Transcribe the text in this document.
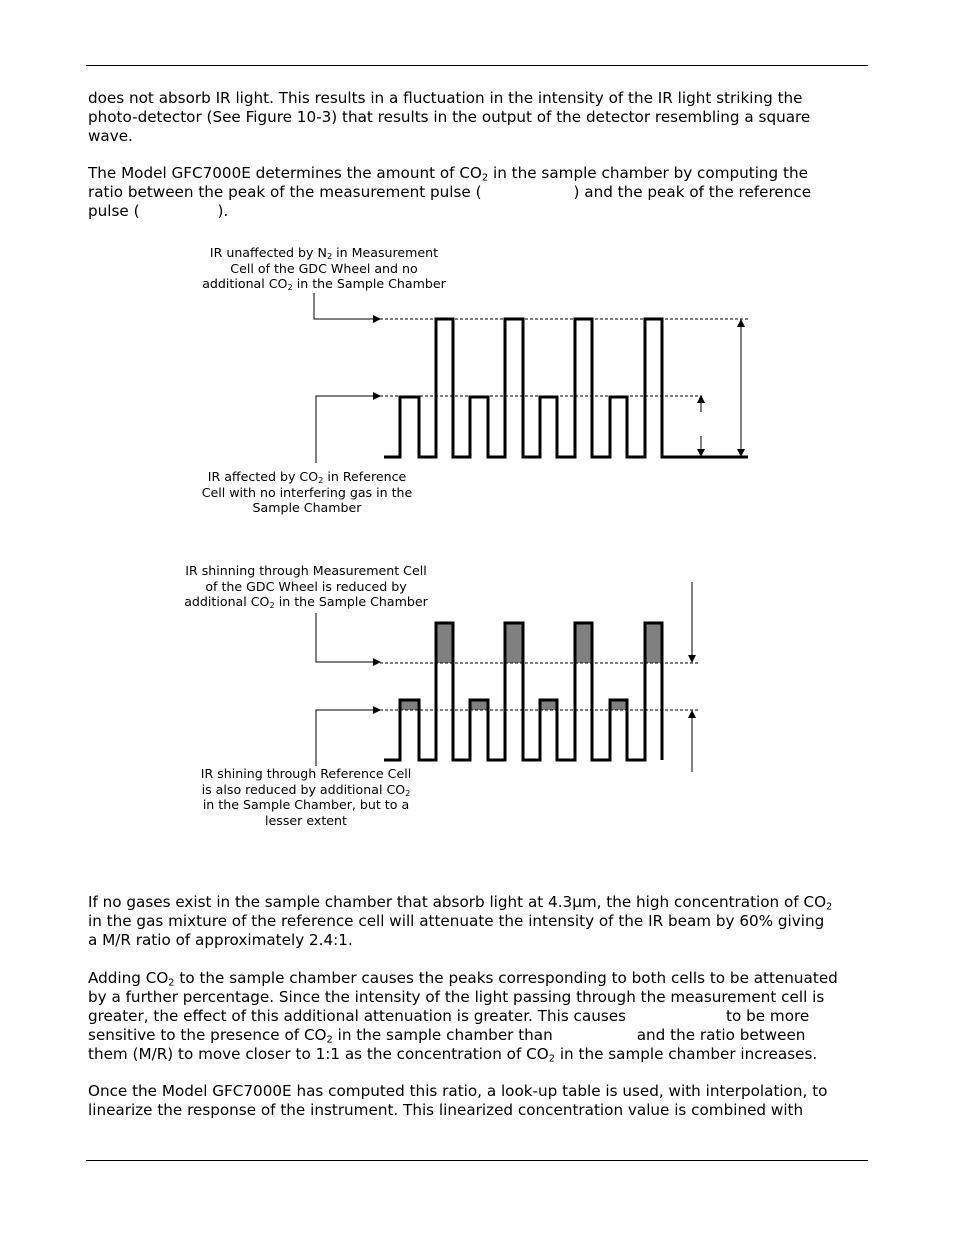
does not absorb IR light. This results in a fluctuation in the intensity of the IR light striking the
photo-detector (See Figure 10-3) that results in the output of the detector resembling a square
wave.
The Model GFC7000E determines the amount of $CO_2$ in the sample chamber by computing the
ratio between the peak of the measurement pulse (	) and the peak of the reference
pulse (	).
IR unaffected by $N_2$ in Measurement
Cell of the GDC Wheel and no
additional $CO_2$ in the Sample Chamber
IR affected by $CO_2$ in Reference
Cell with no interfering gas in the
Sample Chamber
IR shinning through Measurement Cell
of the GDC Wheel is reduced by
additional $CO_2$ in the Sample Chamber
IR shining through Reference Cell
is also reduced by additional $CO_2$
in the Sample Chamber, but to a
lesser extent
If no gases exist in the sample chamber that absorb light at 4.3µm, the high concentration of $CO_2$
in the gas mixture of the reference cell will attenuate the intensity of the IR beam by 60% giving
a M/R ratio of approximately 2.4:1.
Adding $CO_2$ to the sample chamber causes the peaks corresponding to both cells to be attenuated
by a further percentage. Since the intensity of the light passing through the measurement cell is
greater, the effect of this additional attenuation is greater. This causes	to be more
sensitive to the presence of $CO_2$ in the sample chamber than	and the ratio between
them (M/R) to move closer to 1:1 as the concentration of $CO_2$ in the sample chamber increases.
Once the Model GFC7000E has computed this ratio, a look-up table is used, with interpolation, to
linearize the response of the instrument. This linearized concentration value is combined with
